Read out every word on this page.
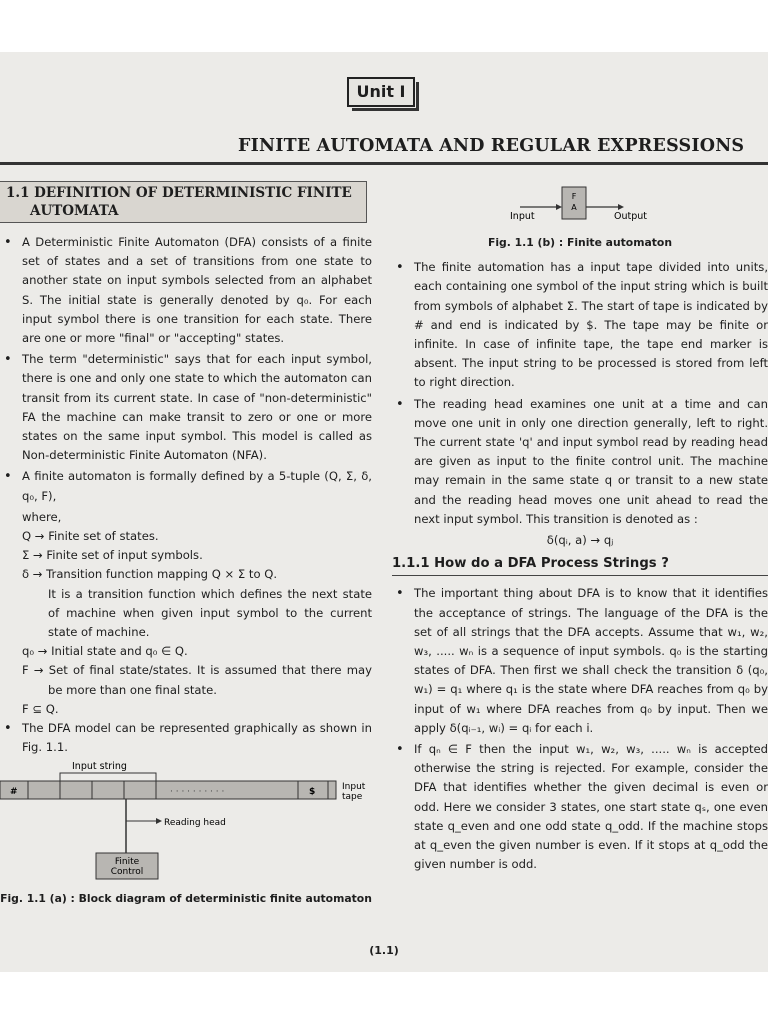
Unit I
FINITE AUTOMATA AND REGULAR EXPRESSIONS
1.1 DEFINITION OF DETERMINISTIC FINITE
AUTOMATA

• A Deterministic Finite Automaton (DFA) consists of a finite set of states and a set of transitions from one state to another state on input symbols selected from an alphabet S. The initial state is generally denoted by q₀. For each input symbol there is one transition for each state. There are one or more "final" or "accepting" states.

• The term "deterministic" says that for each input symbol, there is one and only one state to which the automaton can transit from its current state. In case of "non-deterministic" FA the machine can make transit to zero or one or more states on the same input symbol. This model is called as Non-deterministic Finite Automaton (NFA).

• A finite automaton is formally defined by a 5-tuple (Q, Σ, δ, q₀, F),

where,

Q → Finite set of states.

Σ → Finite set of input symbols.

δ → Transition function mapping Q × Σ to Q.

It is a transition function which defines the next state of machine when given input symbol to the current state of machine.

q₀ → Initial state and q₀ ∈ Q.

F → Set of final state/states. It is assumed that there may be more than one final state.

F ⊆ Q.

• The DFA model can be represented graphically as shown in Fig. 1.1.

Input string
#	· · · · · · · · · ·	$	Input
tape
Reading head
Finite
Control
Fig. 1.1 (a) : Block diagram of deterministic finite automaton
F
A
Input	Output
Fig. 1.1 (b) : Finite automaton

• The finite automation has a input tape divided into units, each containing one symbol of the input string which is built from symbols of alphabet Σ. The start of tape is indicated by # and end is indicated by $. The tape may be finite or infinite. In case of infinite tape, the tape end marker is absent. The input string to be processed is stored from left to right direction.

• The reading head examines one unit at a time and can move one unit in only one direction generally, left to right. The current state 'q' and input symbol read by reading head are given as input to the finite control unit. The machine may remain in the same state q or transit to a new state and the reading head moves one unit ahead to read the next input symbol. This transition is denoted as :

δ(qᵢ, a) → qⱼ

1.1.1 How do a DFA Process Strings ?

• The important thing about DFA is to know that it identifies the acceptance of strings. The language of the DFA is the set of all strings that the DFA accepts. Assume that w₁, w₂, w₃, ..... wₙ is a sequence of input symbols. q₀ is the starting states of DFA. Then first we shall check the transition δ (q₀, w₁) = q₁ where q₁ is the state where DFA reaches from q₀ by input of w₁ where DFA reaches from q₀ by input. Then we apply δ(qᵢ₋₁, wᵢ) = qᵢ for each i.

• If qₙ ∈ F then the input w₁, w₂, w₃, ..... wₙ is accepted otherwise the string is rejected. For example, consider the DFA that identifies whether the given decimal is even or odd. Here we consider 3 states, one start state qₛ, one even state q_even and one odd state q_odd. If the machine stops at q_even the given number is even. If it stops at q_odd the given number is odd.

(1.1)
